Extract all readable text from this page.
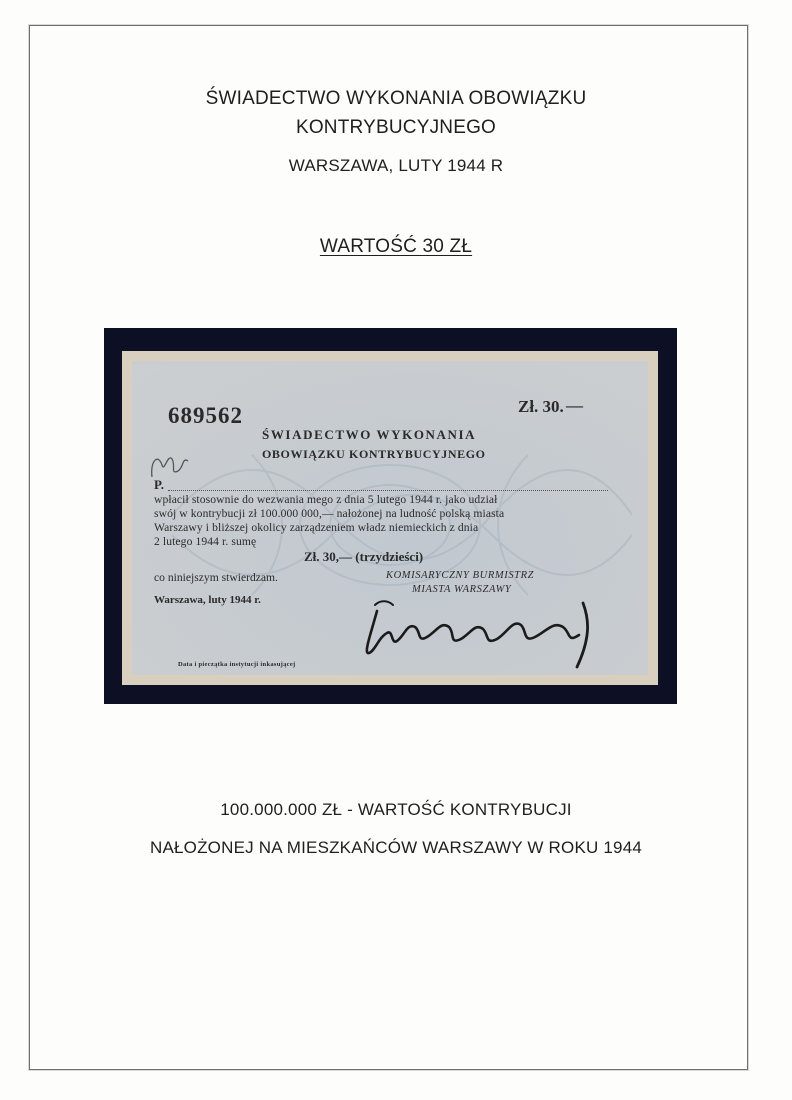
ŚWIADECTWO WYKONANIA OBOWIĄZKU
KONTRYBUCYJNEGO
WARSZAWA, LUTY 1944 R
WARTOŚĆ 30 ZŁ
689562	Zł. 30. —
ŚWIADECTWO WYKONANIA
OBOWIĄZKU KONTRYBUCYJNEGO
P.
wpłacił stosownie do wezwania mego z dnia 5 lutego 1944 r. jako udział
swój w kontrybucji zł 100.000 000,— nałożonej na ludność polską miasta
Warszawy i bliższej okolicy zarządzeniem władz niemieckich z dnia
2 lutego 1944 r. sumę
Zł. 30,— (trzydzieści)
co niniejszym stwierdzam.	KOMISARYCZNY BURMISTRZ
MIASTA WARSZAWY
Warszawa, luty 1944 r.
Data i pieczątka instytucji inkasującej
100.000.000 ZŁ - WARTOŚĆ KONTRYBUCJI
NAŁOŻONEJ NA MIESZKAŃCÓW WARSZAWY W ROKU 1944
